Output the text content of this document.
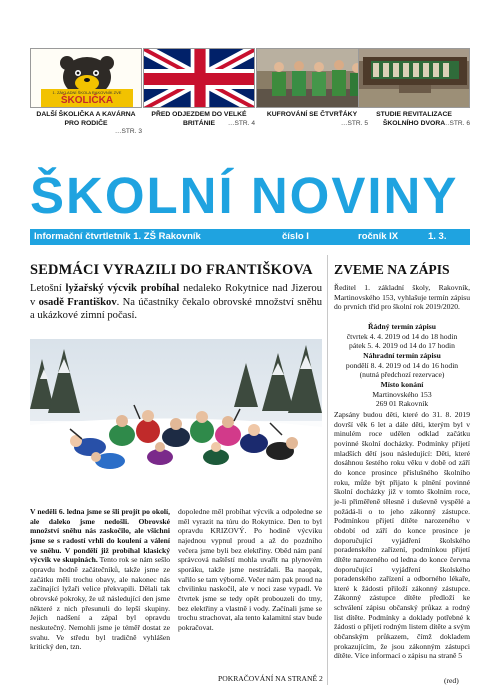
1. ZÁKLADNÍ ŠKOLA RAKOVNÍK ZVE
ŠKOLIČKA
DALŠÍ ŠKOLIČKA A KAVÁRNA PRO RODIČE
…STR. 3
PŘED ODJEZDEM DO VELKÉ BRITÁNIE	…STR. 4
KUFROVÁNÍ SE ČTVRŤÁKY
…STR. 5
STUDIE REVITALIZACE ŠKOLNÍHO DVORA
…STR. 6
ŠKOLNÍ NOVINY
Informační čtvrtletník 1. ZŠ Rakovník	číslo I	ročník IX	1. 3. 2019
SEDMÁCI VYRAZILI DO FRANTIŠKOVA
Letošní lyžařský výcvik probíhal nedaleko Rokytnice nad Jizerou v osadě Františkov. Na účastníky čekalo obrovské množství sněhu a ukázkové zimní počasí.
V neděli 6. ledna jsme se šli projít po okolí, ale daleko jsme nedošli. Obrovské množství sněhu nás zaskočilo, ale všichni jsme se s radostí vrhli do koulení a válení ve sněhu. V pondělí již probíhal klasický výcvik ve skupinách. Tento rok se nám sešlo opravdu hodně začátečníků, takže jsme ze začátku měli trochu obavy, ale nakonec nás začínající lyžaři velice překvapili. Dělali tak obrovské pokroky, že už následující den jsme některé z nich přesunuli do lepší skupiny. Jejich nadšení a zápal byl opravdu neskutečný. Nemohli jsme je téměř dostat ze svahu. Ve středu byl tradičně vyhlášen kritický den, tzn.
dopoledne měl probíhat výcvik a odpoledne se měl vyrazit na túru do Rokytnice. Den to byl opravdu KRIZOVÝ. Po hodině výcviku najednou vypnul proud a až do pozdního večera jsme byli bez elektřiny. Oběd nám paní správcová naštěstí mohla uvařit na plynovém sporáku, takže jsme nestrádali. Ba naopak, vařilo se tam výborně. Večer nám pak proud na chvilinku naskočil, ale v noci zase vypadl. Ve čtvrtek jsme se tedy opět probouzeli do tmy, bez elektřiny a vlastně i vody. Začínali jsme se trochu strachovat, ala tento kalamitní stav bude pokračovat.
POKRAČOVÁNÍ NA STRANĚ 2
ZVEME NA ZÁPIS
Ředitel 1. základní školy, Rakovník, Martinovského 153, vyhlašuje termín zápisu do prvních tříd pro školní rok 2019/2020.
Řádný termín zápisu
čtvrtek 4. 4. 2019 od 14 do 18 hodin
pátek 5. 4. 2019 od 14 do 17 hodin
Náhradní termín zápisu
pondělí 8. 4. 2019 od 14 do 16 hodin
(nutná předchozí rezervace)
Místo konání
Martinovského 153
269 01 Rakovník
Zapsány budou děti, které do 31. 8. 2019 dovrší věk 6 let a dále děti, kterým byl v minulém roce udělen odklad začátku povinné školní docházky. Podmínky přijetí mladších dětí jsou následující: Děti, které dosáhnou šestého roku věku v době od září do konce prosince příslušného školního roku, může být přijato k plnění povinné školní docházky již v tomto školním roce, je-li přiměřeně tělesně i duševně vyspělé a požádá-li o to jeho zákonný zástupce. Podmínkou přijetí dítěte narozeného v období od září do konce prosince je doporučující vyjádření školského poradenského zařízení, podmínkou přijetí dítěte narozeného od ledna do konce června doporučující vyjádření školského poradenského zařízení a odborného lékaře, které k žádosti přiloží zákonný zástupce. Zákonný zástupce dítěte předloží ke schválení zápisu občanský průkaz a rodný list dítěte. Podmínky a doklady potřebné k žádosti o přijetí rodným listem dítěte a svým občanským průkazem, čímž dokladem prokazujícím, že jsou zákonným zástupci dítěte. Více informací o zápisu na straně 5
(red)
